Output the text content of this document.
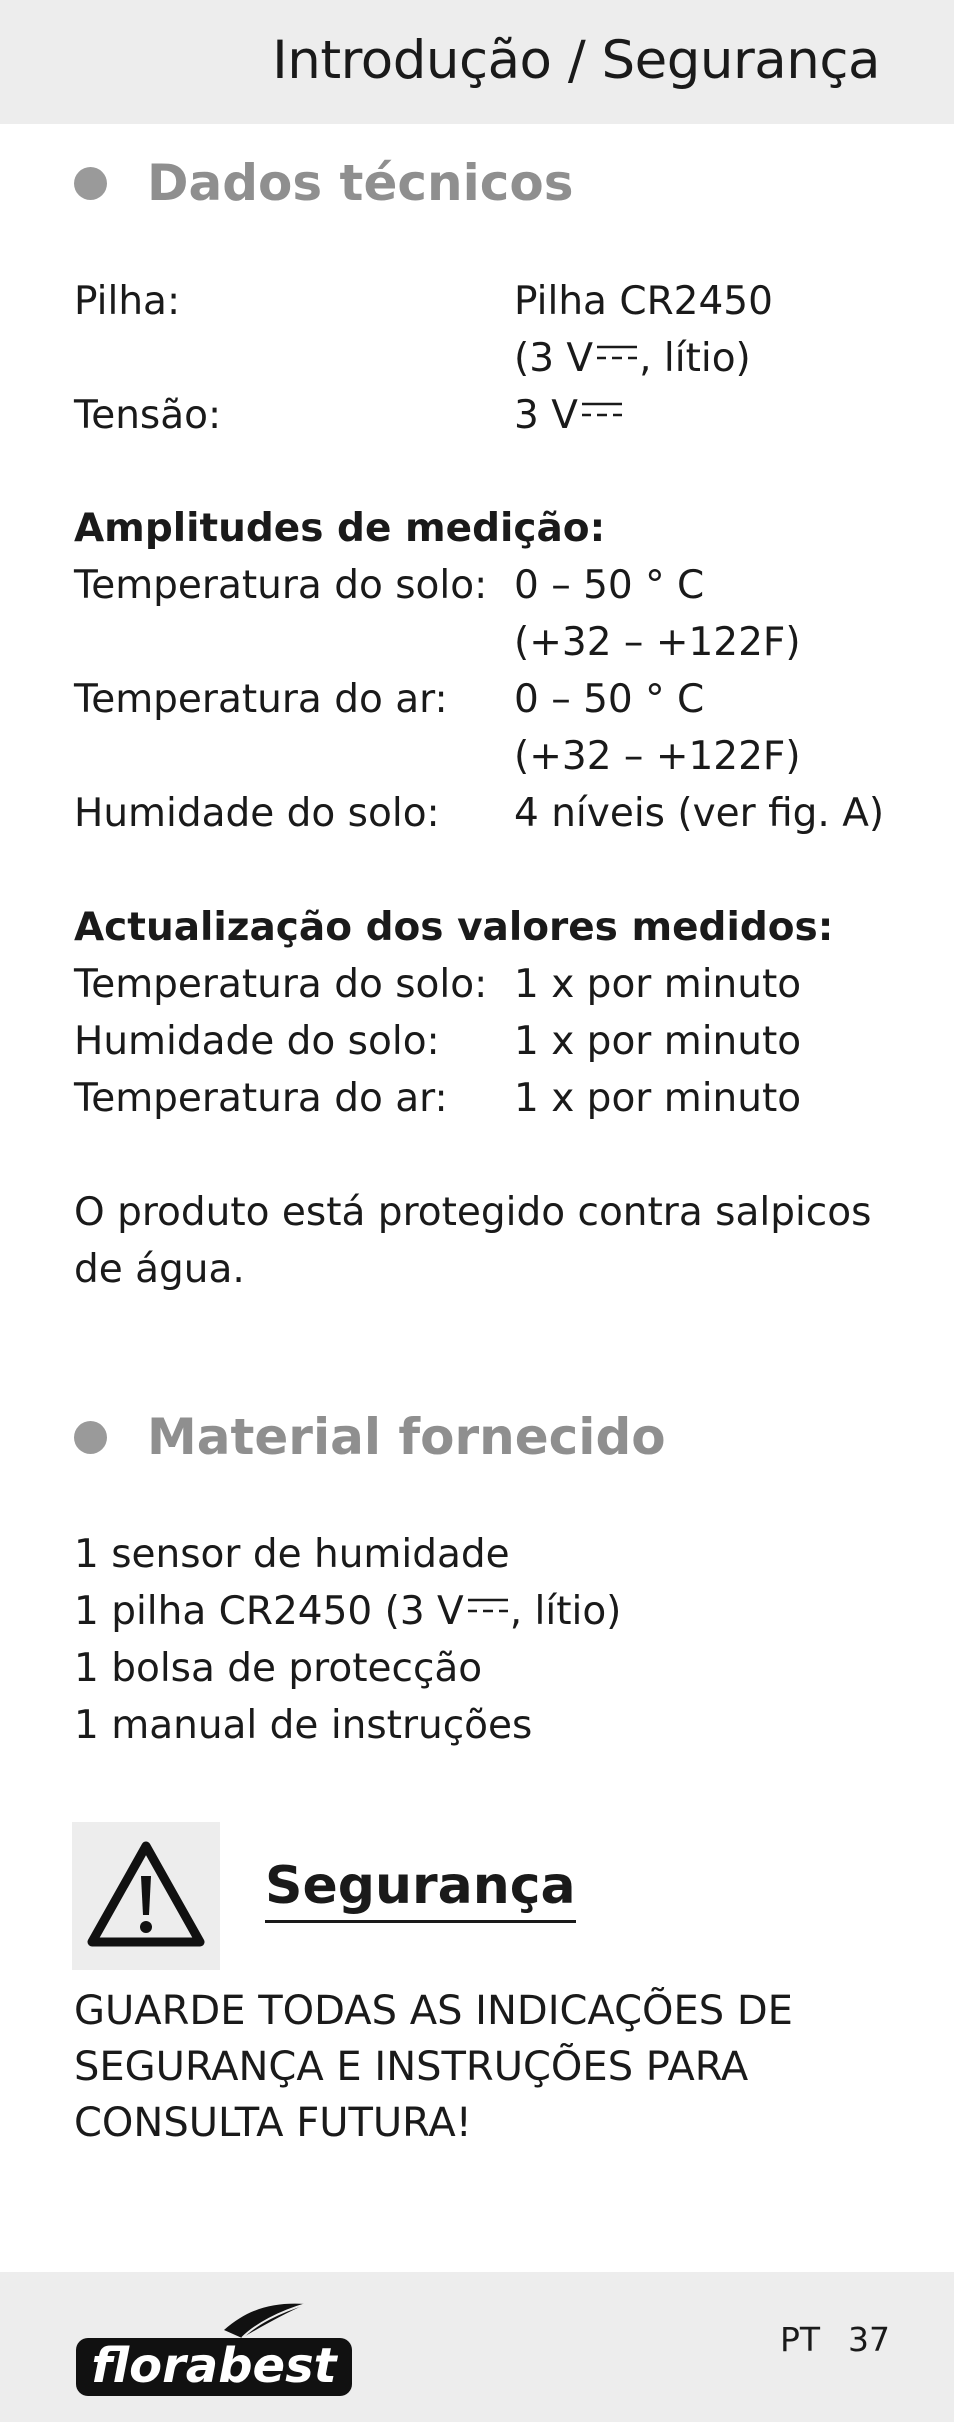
Introdução / Segurança
Dados técnicos
Pilha:	Pilha CR2450
(3 V , lítio)
Tensão:	3 V
Amplitudes de medição:
Temperatura do solo: 0 – 50 ° C
(+32 – +122F)
Temperatura do ar: 0 – 50 ° C
(+32 – +122F)
Humidade do solo: 4 níveis (ver fig. A)
Actualização dos valores medidos:
Temperatura do solo: 1 x por minuto
Humidade do solo: 1 x por minuto
Temperatura do ar: 1 x por minuto
O produto está protegido contra salpicos de água.
Material fornecido
1 sensor de humidade
1 pilha CR2450 (3 V , lítio)
1 bolsa de protecção
1 manual de instruções
Segurança
GUARDE TODAS AS INDICAÇÕES DE
SEGURANÇA E INSTRUÇÕES PARA
CONSULTA FUTURA!
florabest	PT 37
